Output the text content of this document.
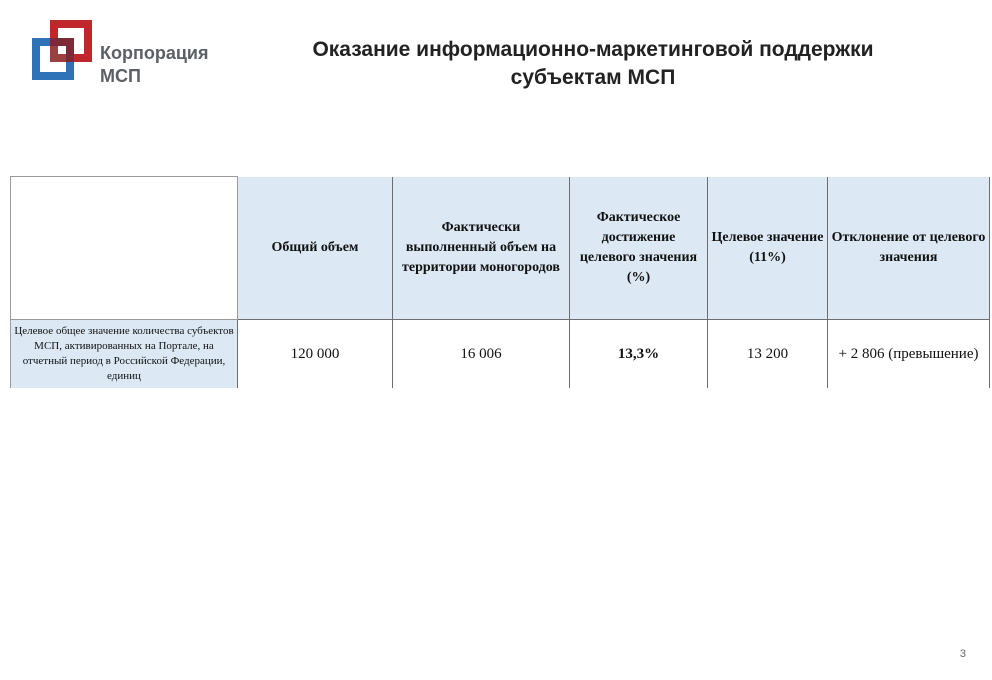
Корпорация
МСП
Оказание информационно-маркетинговой поддержки
субъектам МСП
	Общий объем	Фактически выполненный объем на территории моногородов	Фактическое достижение целевого значения (%)	Целевое значение (11%)	Отклонение от целевого значения
Целевое общее значение количества субъектов МСП, активированных на Портале, на отчетный период в Российской Федерации, единиц	120 000	16 006	13,3%	13 200	+ 2 806 (превышение)
3
